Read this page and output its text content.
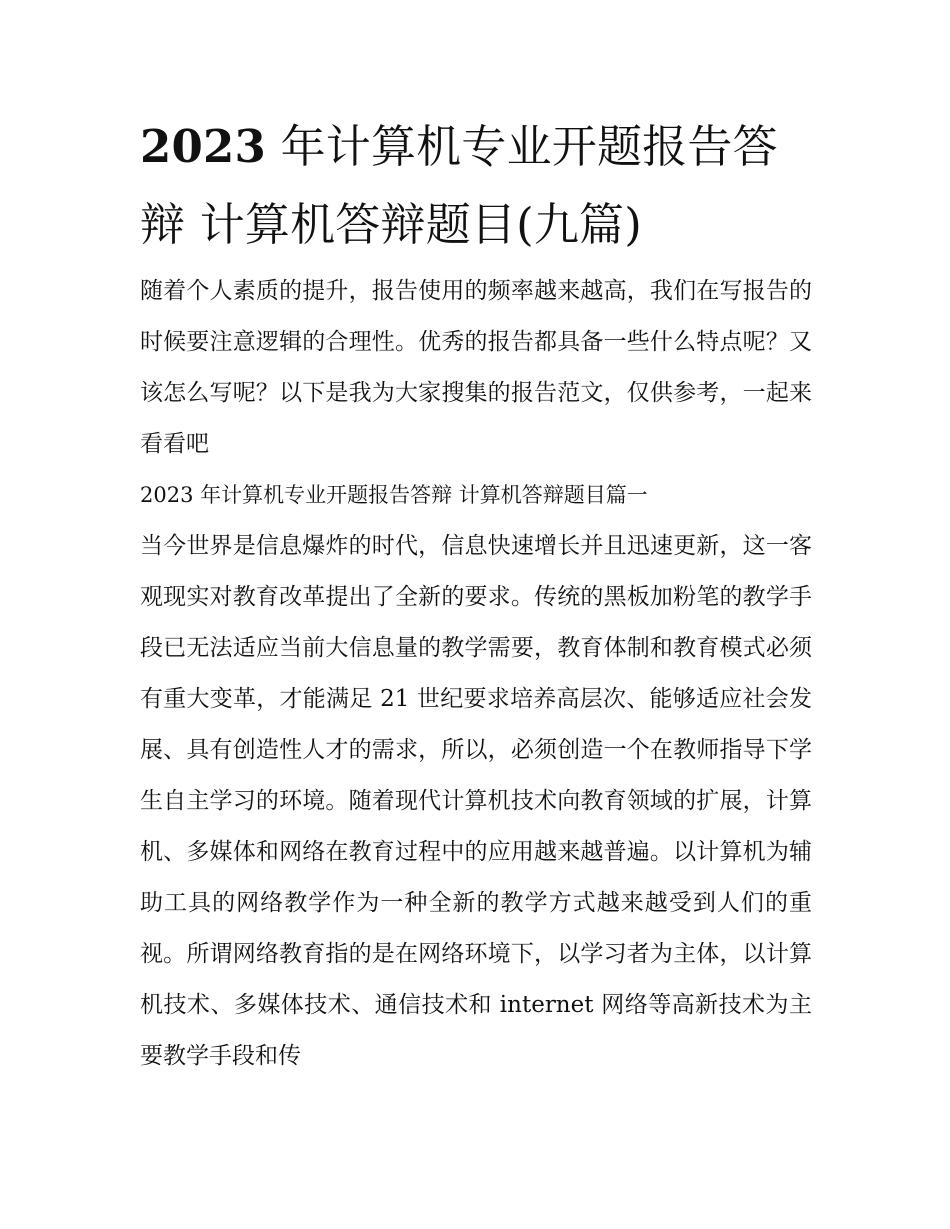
2023 年计算机专业开题报告答辩 计算机答辩题目(九篇)

随着个人素质的提升，报告使用的频率越来越高，我们在写报告的时候要注意逻辑的合理性。优秀的报告都具备一些什么特点呢？又该怎么写呢？以下是我为大家搜集的报告范文，仅供参考，一起来看看吧

2023 年计算机专业开题报告答辩 计算机答辩题目篇一

当今世界是信息爆炸的时代，信息快速增长并且迅速更新，这一客观现实对教育改革提出了全新的要求。传统的黑板加粉笔的教学手段已无法适应当前大信息量的教学需要，教育体制和教育模式必须有重大变革，才能满足 21 世纪要求培养高层次、能够适应社会发展、具有创造性人才的需求，所以，必须创造一个在教师指导下学生自主学习的环境。随着现代计算机技术向教育领域的扩展，计算机、多媒体和网络在教育过程中的应用越来越普遍。以计算机为辅助工具的网络教学作为一种全新的教学方式越来越受到人们的重视。所谓网络教育指的是在网络环境下，以学习者为主体，以计算机技术、多媒体技术、通信技术和 internet 网络等高新技术为主要教学手段和传
